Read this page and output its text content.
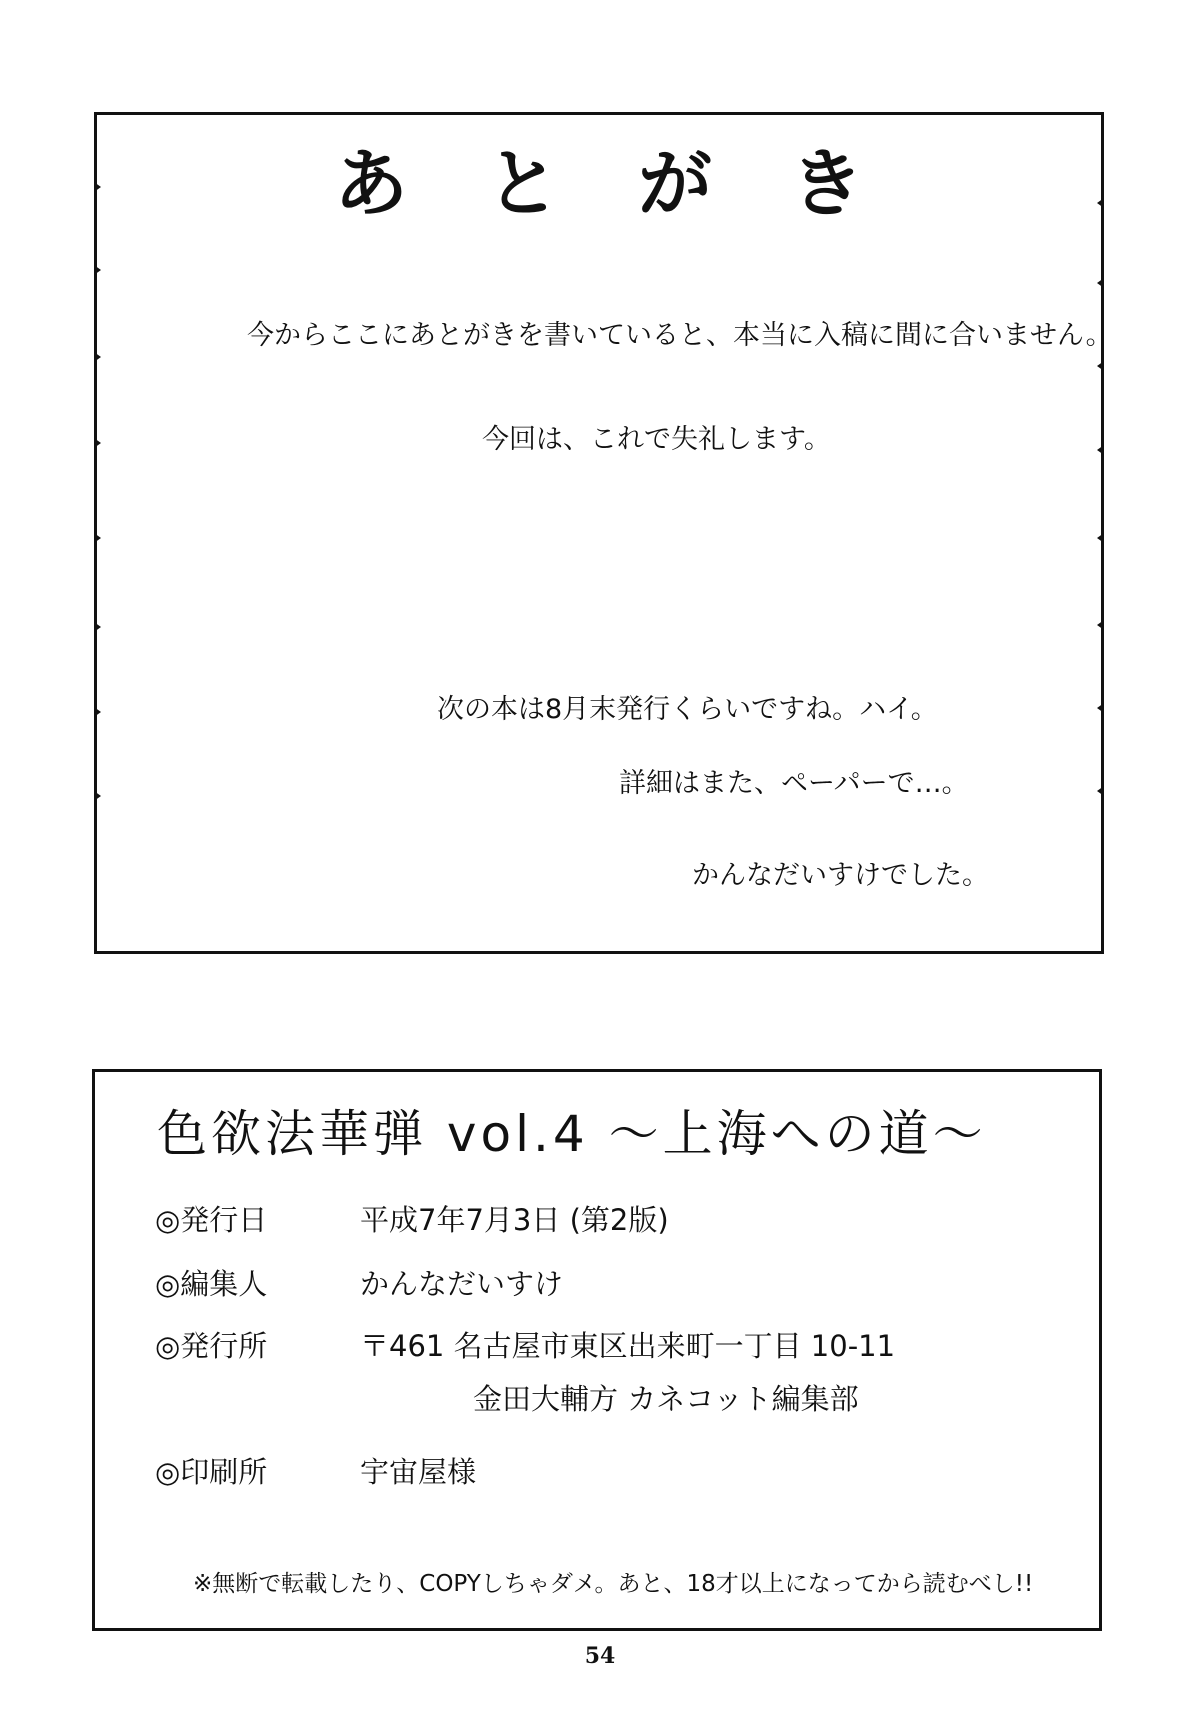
あとがき
今からここにあとがきを書いていると、本当に入稿に間に合いません。
今回は、これで失礼します。
次の本は8月末発行くらいですね。ハイ。
詳細はまた、ペーパーで…。
かんなだいすけでした。
色欲法華弾 vol.4 〜上海への道〜
◎発行日	平成7年7月3日 (第2版)
◎編集人	かんなだいすけ
◎発行所	〒461 名古屋市東区出来町一丁目 10-11
金田大輔方 カネコット編集部
◎印刷所	宇宙屋様
※無断で転載したり、COPYしちゃダメ。あと、18才以上になってから読むべし!!
54
